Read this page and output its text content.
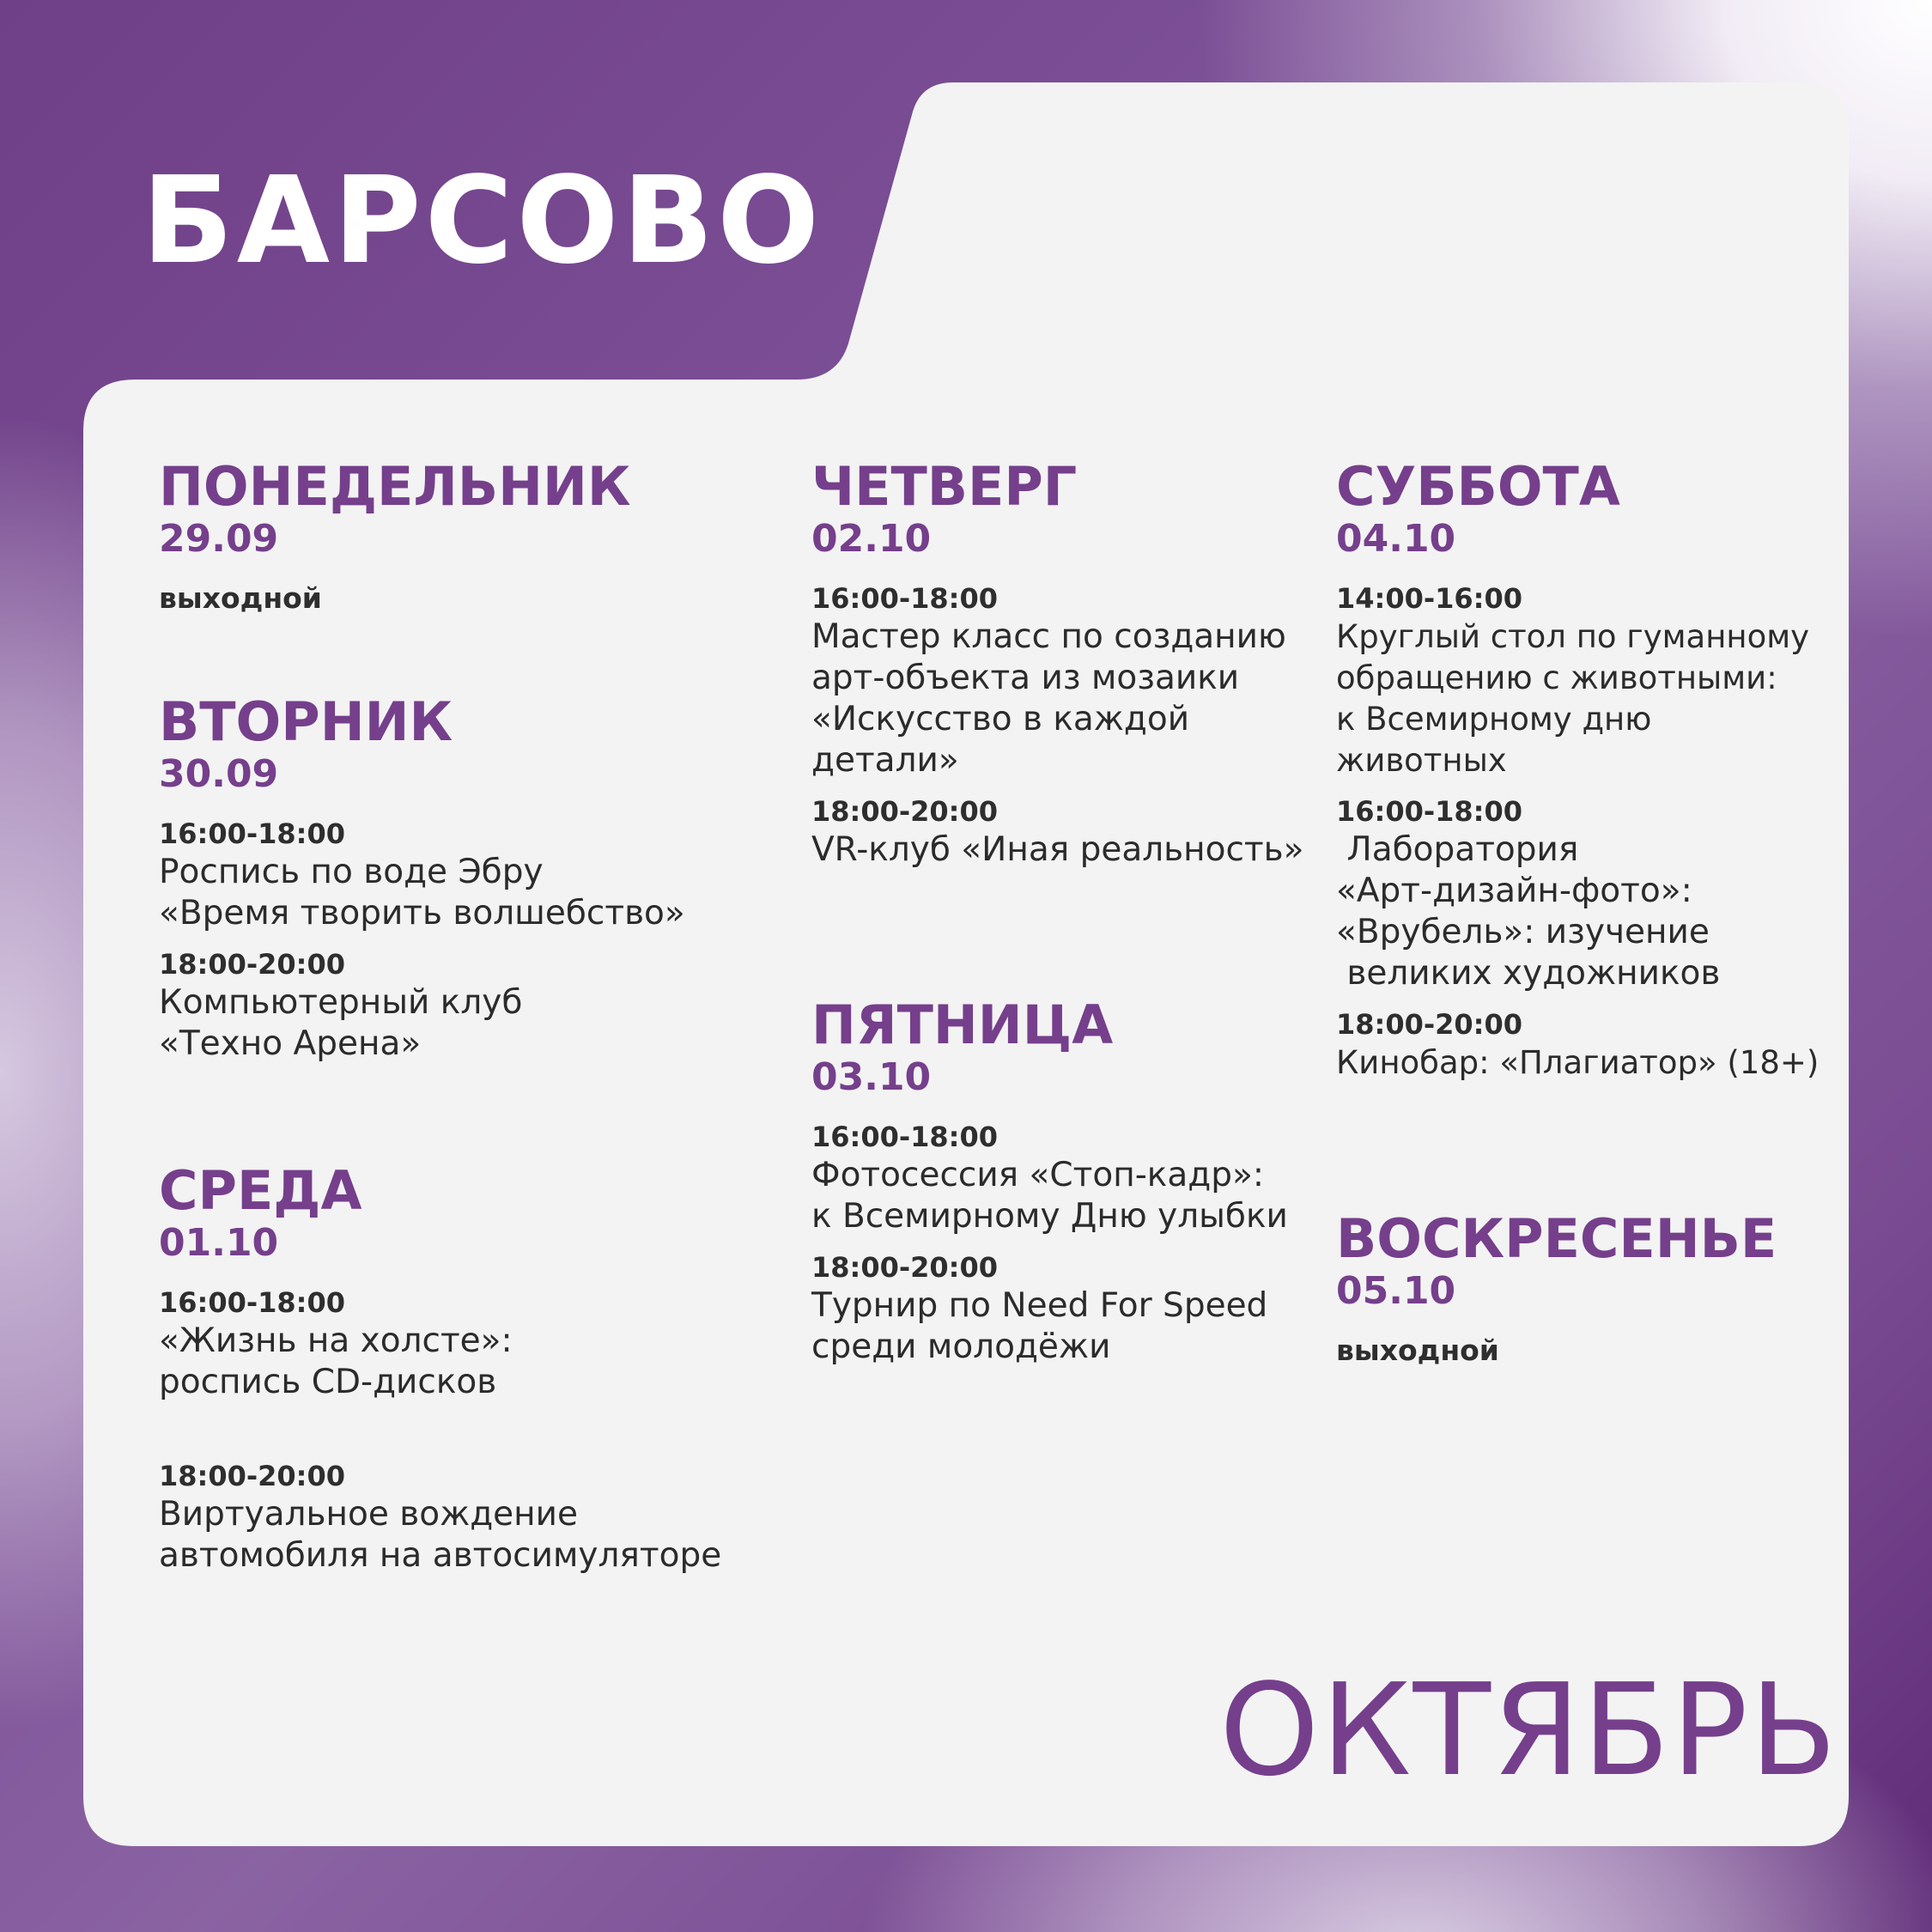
БАРСОВО
ПОНЕДЕЛЬНИК
29.09
выходной
ВТОРНИК
30.09
16:00-18:00
Роспись по воде Эбру
«Время творить волшебство»
18:00-20:00
Компьютерный клуб
«Техно Арена»
СРЕДА
01.10
16:00-18:00
«Жизнь на холсте»:
роспись CD-дисков
18:00-20:00
Виртуальное вождение
автомобиля на автосимуляторе
ЧЕТВЕРГ
02.10
16:00-18:00
Мастер класс по созданию
арт-объекта из мозаики
«Искусство в каждой
детали»
18:00-20:00
VR-клуб «Иная реальность»
ПЯТНИЦА
03.10
16:00-18:00
Фотосессия «Стоп-кадр»:
к Всемирному Дню улыбки
18:00-20:00
Турнир по Need For Speed
среди молодёжи
СУББОТА
04.10
14:00-16:00
Круглый стол по гуманному
обращению с животными:
к Всемирному дню
животных
16:00-18:00
Лаборатория
«Арт-дизайн-фото»:
«Врубель»: изучение
великих художников
18:00-20:00
Кинобар: «Плагиатор» (18+)
ВОСКРЕСЕНЬЕ
05.10
выходной
ОКТЯБРЬ
